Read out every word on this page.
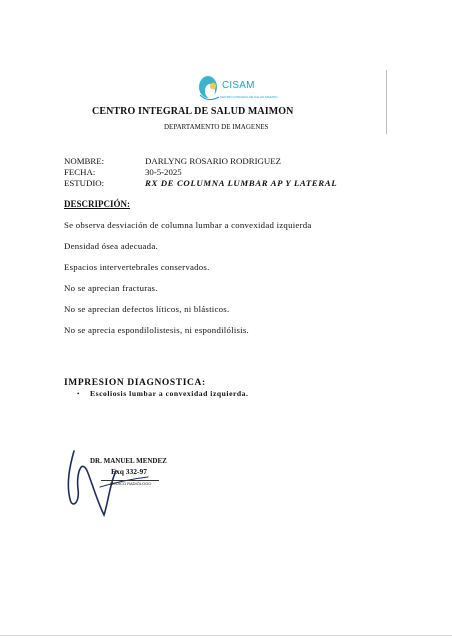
CISAM
CENTRO INTEGRAL DE SALUD MAIMON
CENTRO INTEGRAL DE SALUD MAIMON
DEPARTAMENTO DE IMAGENES
NOMBRE:	DARLYNG ROSARIO RODRIGUEZ
FECHA:	30-5-2025
ESTUDIO:	RX DE COLUMNA LUMBAR AP Y LATERAL
DESCRIPCIÓN:
Se observa desviación de columna lumbar a convexidad izquierda
Densidad ósea adecuada.
Espacios intervertebrales conservados.
No se aprecian fracturas.
No se aprecian defectos líticos, ni blásticos.
No se aprecia espondilolistesis, ni espondilólisis.
IMPRESION DIAGNOSTICA:
• Escoliosis lumbar a convexidad izquierda.
DR. MANUEL MENDEZ
Exq 332-97
MEDICO RADIÓLOGO
